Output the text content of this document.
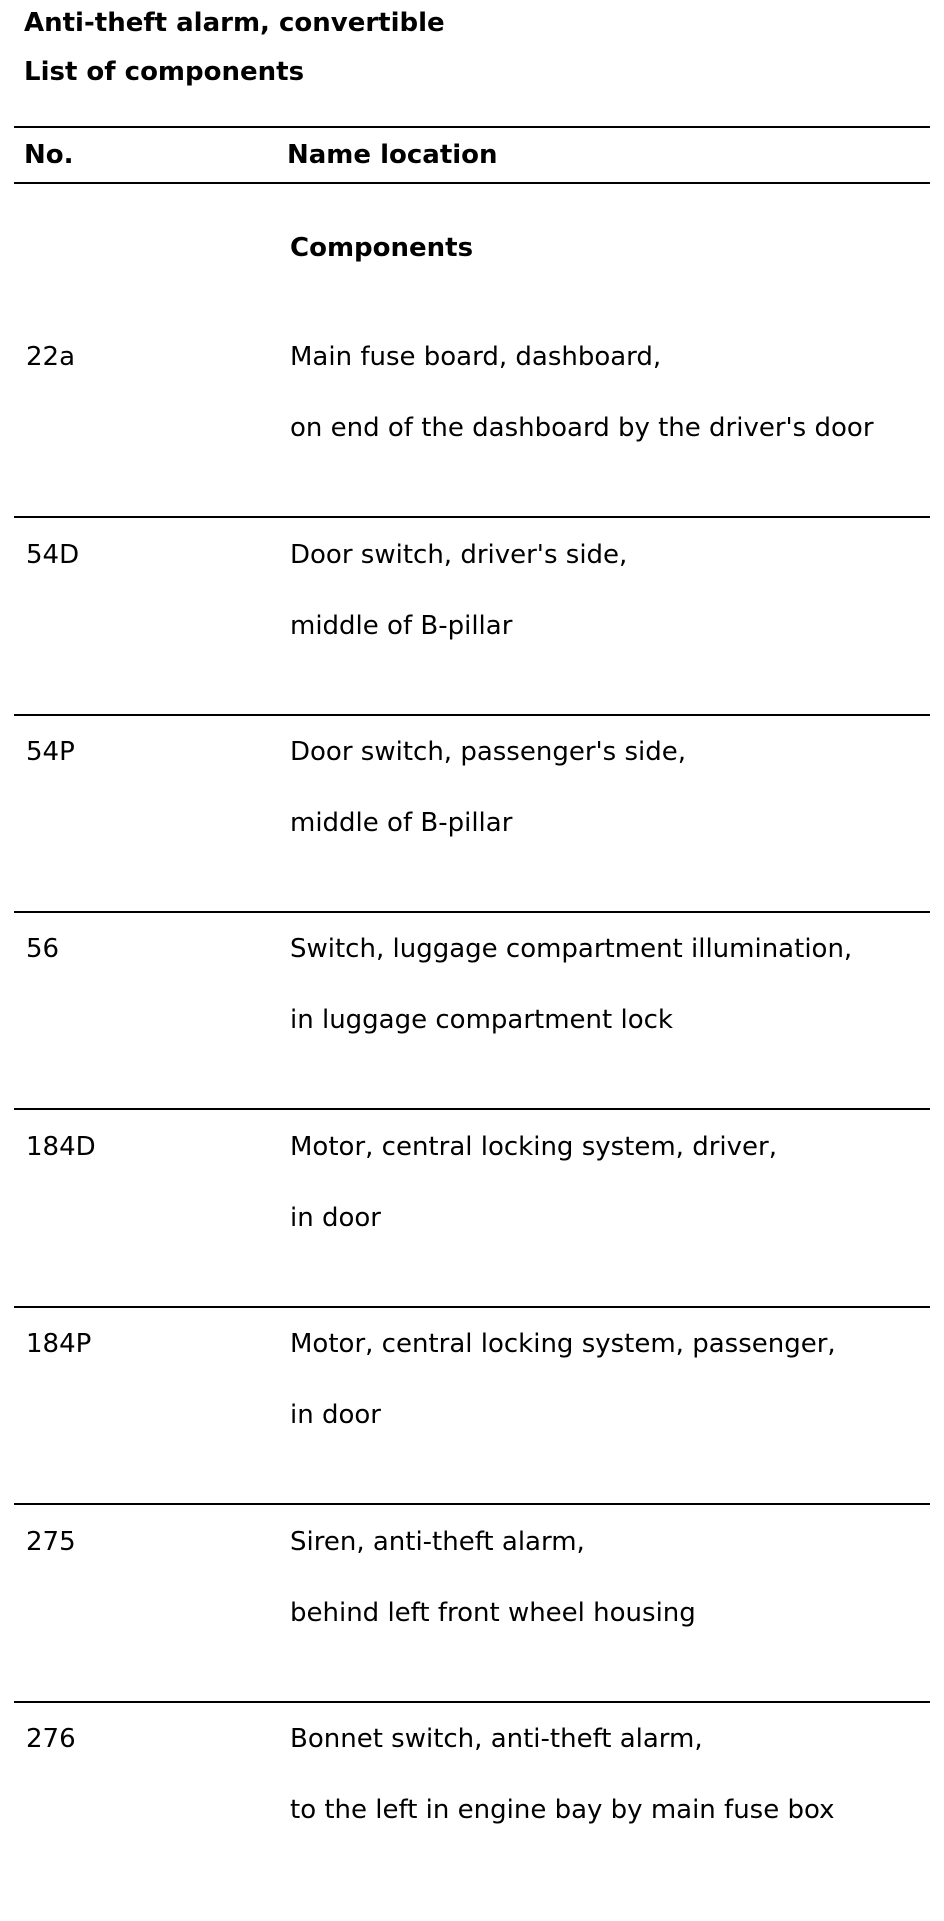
Anti-theft alarm, convertible
List of components
No.	Name location
Components
22a	Main fuse board, dashboard,
on end of the dashboard by the driver's door
54D	Door switch, driver's side,
middle of B-pillar
54P	Door switch, passenger's side,
middle of B-pillar
56	Switch, luggage compartment illumination,
in luggage compartment lock
184D	Motor, central locking system, driver,
in door
184P	Motor, central locking system, passenger,
in door
275	Siren, anti-theft alarm,
behind left front wheel housing
276	Bonnet switch, anti-theft alarm,
to the left in engine bay by main fuse box
